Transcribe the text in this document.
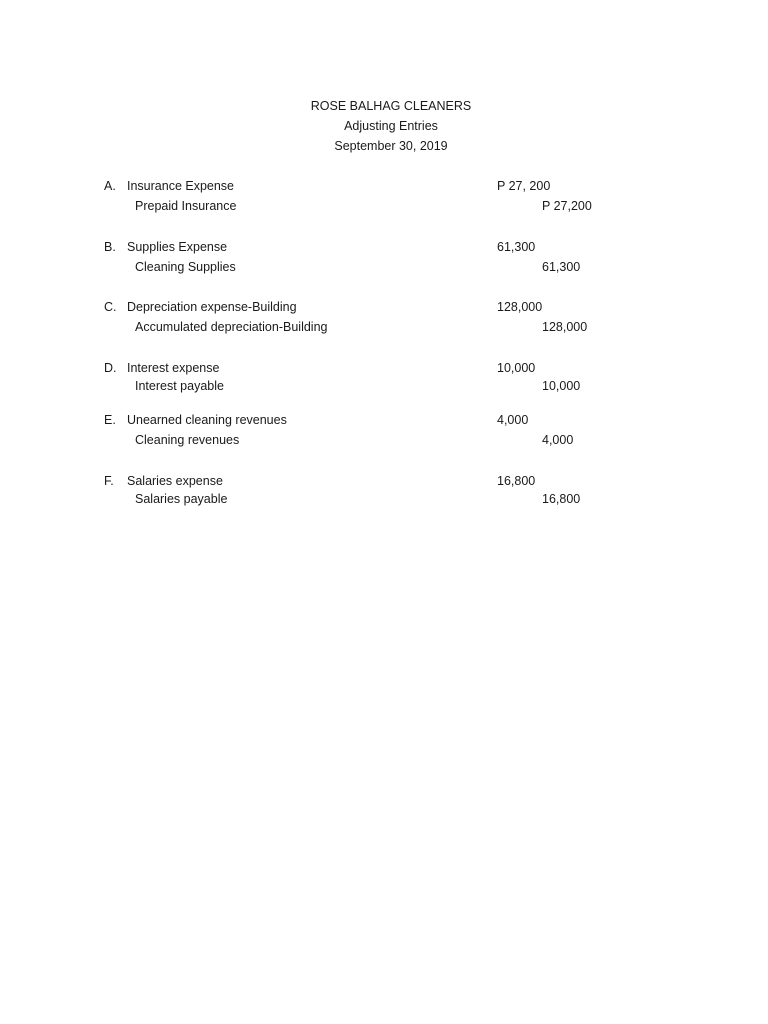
ROSE BALHAG CLEANERS
Adjusting Entries
September 30, 2019
A. Insurance Expense	P 27, 200
Prepaid Insurance	P 27,200
B. Supplies Expense	61,300
Cleaning Supplies	61,300
C. Depreciation expense-Building	128,000
Accumulated depreciation-Building	128,000
D. Interest expense	10,000
Interest payable	10,000
E. Unearned cleaning revenues	4,000
Cleaning revenues	4,000
F. Salaries expense	16,800
Salaries payable	16,800
